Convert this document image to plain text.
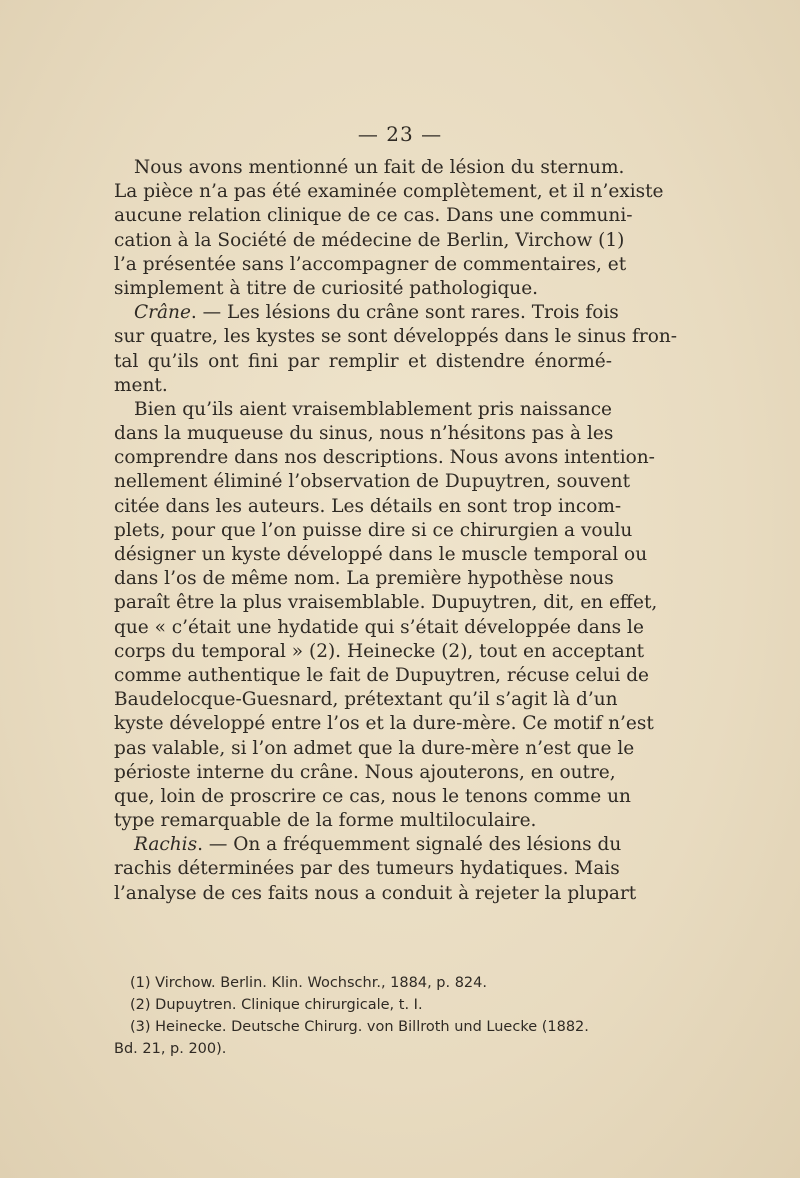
— 23 —
Nous avons mentionné un fait de lésion du sternum.
La pièce n’a pas été examinée complètement, et il n’existe
aucune relation clinique de ce cas. Dans une communi-
cation à la Société de médecine de Berlin, Virchow (1)
l’a présentée sans l’accompagner de commentaires, et
simplement à titre de curiosité pathologique.
Crâne. — Les lésions du crâne sont rares. Trois fois
sur quatre, les kystes se sont développés dans le sinus fron-
tal qu’ils ont fini par remplir et distendre énormé-
ment.
Bien qu’ils aient vraisemblablement pris naissance
dans la muqueuse du sinus, nous n’hésitons pas à les
comprendre dans nos descriptions. Nous avons intention-
nellement éliminé l’observation de Dupuytren, souvent
citée dans les auteurs. Les détails en sont trop incom-
plets, pour que l’on puisse dire si ce chirurgien a voulu
désigner un kyste développé dans le muscle temporal ou
dans l’os de même nom. La première hypothèse nous
paraît être la plus vraisemblable. Dupuytren, dit, en effet,
que « c’était une hydatide qui s’était développée dans le
corps du temporal » (2). Heinecke (2), tout en acceptant
comme authentique le fait de Dupuytren, récuse celui de
Baudelocque-Guesnard, prétextant qu’il s’agit là d’un
kyste développé entre l’os et la dure-mère. Ce motif n’est
pas valable, si l’on admet que la dure-mère n’est que le
périoste interne du crâne. Nous ajouterons, en outre,
que, loin de proscrire ce cas, nous le tenons comme un
type remarquable de la forme multiloculaire.
Rachis. — On a fréquemment signalé des lésions du
rachis déterminées par des tumeurs hydatiques. Mais
l’analyse de ces faits nous a conduit à rejeter la plupart
(1) Virchow. Berlin. Klin. Wochschr., 1884, p. 824.
(2) Dupuytren. Clinique chirurgicale, t. I.
(3) Heinecke. Deutsche Chirurg. von Billroth und Luecke (1882.
Bd. 21, p. 200).
